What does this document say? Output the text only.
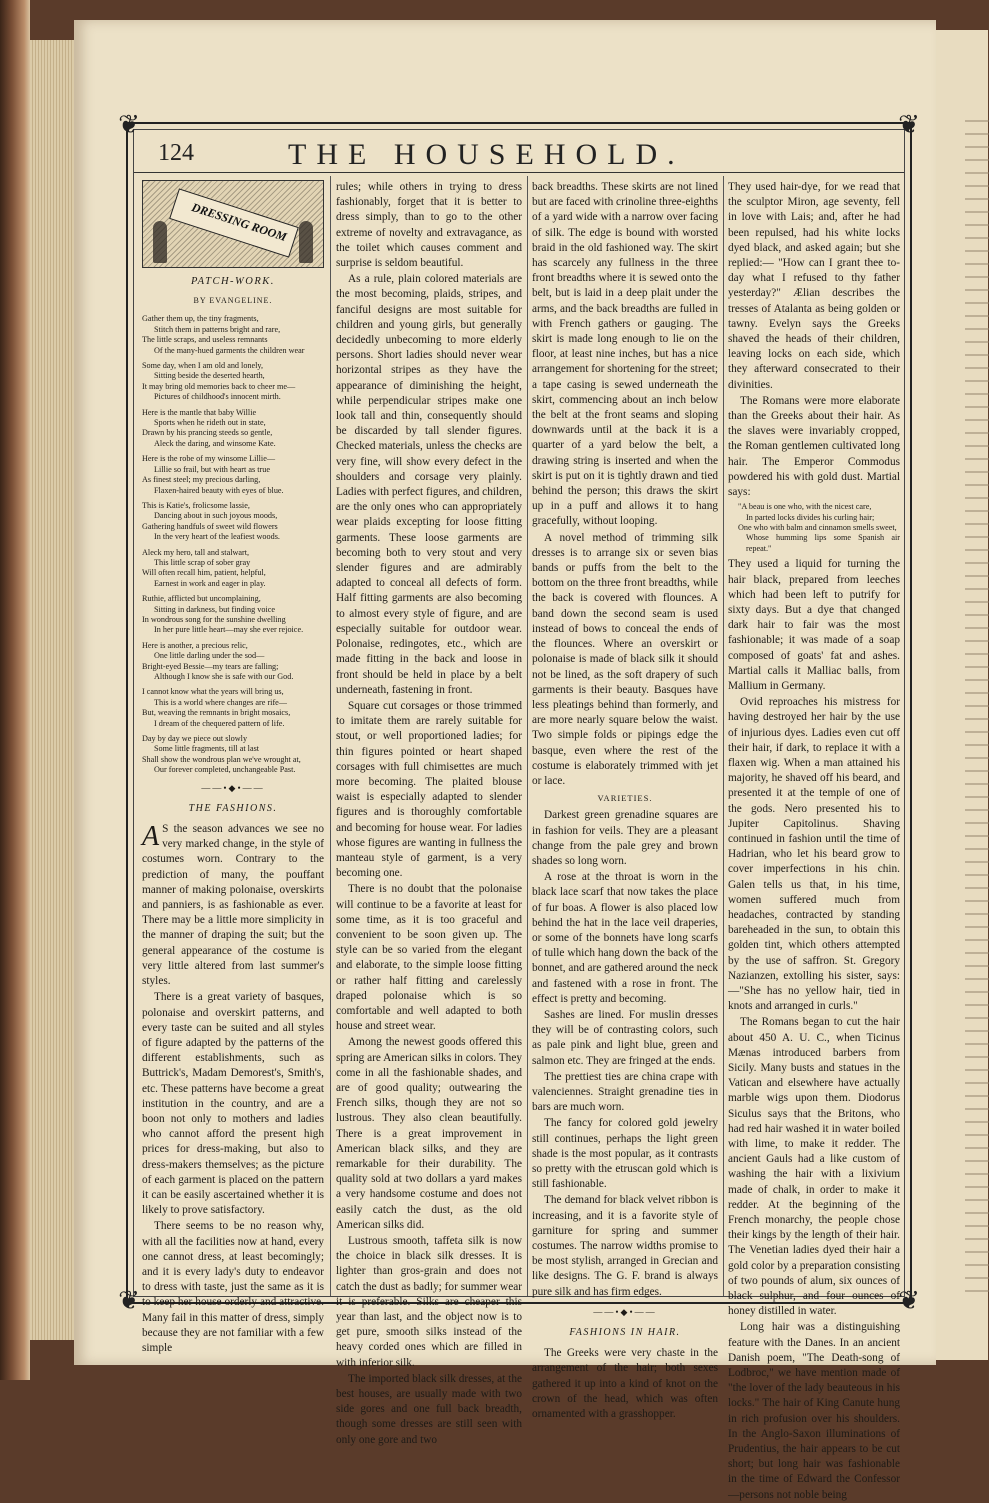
❦	❦
❦	❦
124	THE HOUSEHOLD.
DRESSING ROOM
PATCH-WORK.
BY EVANGELINE.
Gather them up, the tiny fragments,
Stitch them in patterns bright and rare,
The little scraps, and useless remnants
Of the many-hued garments the children wear
Some day, when I am old and lonely,
Sitting beside the deserted hearth,
It may bring old memories back to cheer me—
Pictures of childhood's innocent mirth.
Here is the mantle that baby Willie
Sports when he rideth out in state,
Drawn by his prancing steeds so gentle,
Aleck the daring, and winsome Kate.
Here is the robe of my winsome Lillie—
Lillie so frail, but with heart as true
As finest steel; my precious darling,
Flaxen-haired beauty with eyes of blue.
This is Katie's, frolicsome lassie,
Dancing about in such joyous moods,
Gathering handfuls of sweet wild flowers
In the very heart of the leafiest woods.
Aleck my hero, tall and stalwart,
This little scrap of sober gray
Will often recall him, patient, helpful,
Earnest in work and eager in play.
Ruthie, afflicted but uncomplaining,
Sitting in darkness, but finding voice
In wondrous song for the sunshine dwelling
In her pure little heart—may she ever rejoice.
Here is another, a precious relic,
One little darling under the sod—
Bright-eyed Bessie—my tears are falling;
Although I know she is safe with our God.
I cannot know what the years will bring us,
This is a world where changes are rife—
But, weaving the remnants in bright mosaics,
I dream of the chequered pattern of life.
Day by day we piece out slowly
Some little fragments, till at last
Shall show the wondrous plan we've wrought at,
Our forever completed, unchangeable Past.
——•◆•——
THE FASHIONS.

A S the season advances we see no very marked change, in the style of costumes worn. Contrary to the prediction of many, the pouffant manner of making polonaise, overskirts and panniers, is as fashionable as ever. There may be a little more simplicity in the manner of draping the suit; but the general appearance of the costume is very little altered from last summer's styles.

There is a great variety of basques, polonaise and overskirt patterns, and every taste can be suited and all styles of figure adapted by the patterns of the different establishments, such as Buttrick's, Madam Demorest's, Smith's, etc. These patterns have become a great institution in the country, and are a boon not only to mothers and ladies who cannot afford the present high prices for dress-making, but also to dress-makers themselves; as the picture of each garment is placed on the pattern it can be easily ascertained whether it is likely to prove satisfactory.

There seems to be no reason why, with all the facilities now at hand, every one cannot dress, at least becomingly; and it is every lady's duty to endeavor to dress with taste, just the same as it is to keep her house orderly and attractive. Many fail in this matter of dress, simply because they are not familiar with a few simple

rules; while others in trying to dress fashionably, forget that it is better to dress simply, than to go to the other extreme of novelty and extravagance, as the toilet which causes comment and surprise is seldom beautiful.

As a rule, plain colored materials are the most becoming, plaids, stripes, and fanciful designs are most suitable for children and young girls, but generally decidedly unbecoming to more elderly persons. Short ladies should never wear horizontal stripes as they have the appearance of diminishing the height, while perpendicular stripes make one look tall and thin, consequently should be discarded by tall slender figures. Checked materials, unless the checks are very fine, will show every defect in the shoulders and corsage very plainly. Ladies with perfect figures, and children, are the only ones who can appropriately wear plaids excepting for loose fitting garments. These loose garments are becoming both to very stout and very slender figures and are admirably adapted to conceal all defects of form. Half fitting garments are also becoming to almost every style of figure, and are especially suitable for outdoor wear. Polonaise, redingotes, etc., which are made fitting in the back and loose in front should be held in place by a belt underneath, fastening in front.

Square cut corsages or those trimmed to imitate them are rarely suitable for stout, or well proportioned ladies; for thin figures pointed or heart shaped corsages with full chimisettes are much more becoming. The plaited blouse waist is especially adapted to slender figures and is thoroughly comfortable and becoming for house wear. For ladies whose figures are wanting in fullness the manteau style of garment, is a very becoming one.

There is no doubt that the polonaise will continue to be a favorite at least for some time, as it is too graceful and convenient to be soon given up. The style can be so varied from the elegant and elaborate, to the simple loose fitting or rather half fitting and carelessly draped polonaise which is so comfortable and well adapted to both house and street wear.

Among the newest goods offered this spring are American silks in colors. They come in all the fashionable shades, and are of good quality; outwearing the French silks, though they are not so lustrous. They also clean beautifully. There is a great improvement in American black silks, and they are remarkable for their durability. The quality sold at two dollars a yard makes a very handsome costume and does not easily catch the dust, as the old American silks did.

Lustrous smooth, taffeta silk is now the choice in black silk dresses. It is lighter than gros-grain and does not catch the dust as badly; for summer wear it is preferable. Silks are cheaper this year than last, and the object now is to get pure, smooth silks instead of the heavy corded ones which are filled in with inferior silk.

The imported black silk dresses, at the best houses, are usually made with two side gores and one full back breadth, though some dresses are still seen with only one gore and two

back breadths. These skirts are not lined but are faced with crinoline three-eighths of a yard wide with a narrow over facing of silk. The edge is bound with worsted braid in the old fashioned way. The skirt has scarcely any fullness in the three front breadths where it is sewed onto the belt, but is laid in a deep plait under the arms, and the back breadths are fulled in with French gathers or gauging. The skirt is made long enough to lie on the floor, at least nine inches, but has a nice arrangement for shortening for the street; a tape casing is sewed underneath the skirt, commencing about an inch below the belt at the front seams and sloping downwards until at the back it is a quarter of a yard below the belt, a drawing string is inserted and when the skirt is put on it is tightly drawn and tied behind the person; this draws the skirt up in a puff and allows it to hang gracefully, without looping.

A novel method of trimming silk dresses is to arrange six or seven bias bands or puffs from the belt to the bottom on the three front breadths, while the back is covered with flounces. A band down the second seam is used instead of bows to conceal the ends of the flounces. Where an overskirt or polonaise is made of black silk it should not be lined, as the soft drapery of such garments is their beauty. Basques have less pleatings behind than formerly, and are more nearly square below the waist. Two simple folds or pipings edge the basque, even where the rest of the costume is elaborately trimmed with jet or lace.

VARIETIES.

Darkest green grenadine squares are in fashion for veils. They are a pleasant change from the pale grey and brown shades so long worn.

A rose at the throat is worn in the black lace scarf that now takes the place of fur boas. A flower is also placed low behind the hat in the lace veil draperies, or some of the bonnets have long scarfs of tulle which hang down the back of the bonnet, and are gathered around the neck and fastened with a rose in front. The effect is pretty and becoming.

Sashes are lined. For muslin dresses they will be of contrasting colors, such as pale pink and light blue, green and salmon etc. They are fringed at the ends.

The prettiest ties are china crape with valenciennes. Straight grenadine ties in bars are much worn.

The fancy for colored gold jewelry still continues, perhaps the light green shade is the most popular, as it contrasts so pretty with the etruscan gold which is still fashionable.

The demand for black velvet ribbon is increasing, and it is a favorite style of garniture for spring and summer costumes. The narrow widths promise to be most stylish, arranged in Grecian and like designs. The G. F. brand is always pure silk and has firm edges.

——•◆•——
FASHIONS IN HAIR.

The Greeks were very chaste in the arrangement of the hair; both sexes gathered it up into a kind of knot on the crown of the head, which was often ornamented with a grasshopper.

They used hair-dye, for we read that the sculptor Miron, age seventy, fell in love with Lais; and, after he had been repulsed, had his white locks dyed black, and asked again; but she replied:— "How can I grant thee to-day what I refused to thy father yesterday?" Ælian describes the tresses of Atalanta as being golden or tawny. Evelyn says the Greeks shaved the heads of their children, leaving locks on each side, which they afterward consecrated to their divinities.

The Romans were more elaborate than the Greeks about their hair. As the slaves were invariably cropped, the Roman gentlemen cultivated long hair. The Emperor Commodus powdered his with gold dust. Martial says:

"A beau is one who, with the nicest care,
In parted locks divides his curling hair;
One who with balm and cinnamon smells sweet,
Whose humming lips some Spanish air repeat."

They used a liquid for turning the hair black, prepared from leeches which had been left to putrify for sixty days. But a dye that changed dark hair to fair was the most fashionable; it was made of a soap composed of goats' fat and ashes. Martial calls it Malliac balls, from Mallium in Germany.

Ovid reproaches his mistress for having destroyed her hair by the use of injurious dyes. Ladies even cut off their hair, if dark, to replace it with a flaxen wig. When a man attained his majority, he shaved off his beard, and presented it at the temple of one of the gods. Nero presented his to Jupiter Capitolinus. Shaving continued in fashion until the time of Hadrian, who let his beard grow to cover imperfections in his chin. Galen tells us that, in his time, women suffered much from headaches, contracted by standing bareheaded in the sun, to obtain this golden tint, which others attempted by the use of saffron. St. Gregory Nazianzen, extolling his sister, says:—"She has no yellow hair, tied in knots and arranged in curls."

The Romans began to cut the hair about 450 A. U. C., when Ticinus Mænas introduced barbers from Sicily. Many busts and statues in the Vatican and elsewhere have actually marble wigs upon them. Diodorus Siculus says that the Britons, who had red hair washed it in water boiled with lime, to make it redder. The ancient Gauls had a like custom of washing the hair with a lixivium made of chalk, in order to make it redder. At the beginning of the French monarchy, the people chose their kings by the length of their hair. The Venetian ladies dyed their hair a gold color by a preparation consisting of two pounds of alum, six ounces of black sulphur, and four ounces of honey distilled in water.

Long hair was a distinguishing feature with the Danes. In an ancient Danish poem, "The Death-song of Lodbroc," we have mention made of "the lover of the lady beauteous in his locks." The hair of King Canute hung in rich profusion over his shoulders. In the Anglo-Saxon illuminations of Prudentius, the hair appears to be cut short; but long hair was fashionable in the time of Edward the Confessor—persons not noble being
